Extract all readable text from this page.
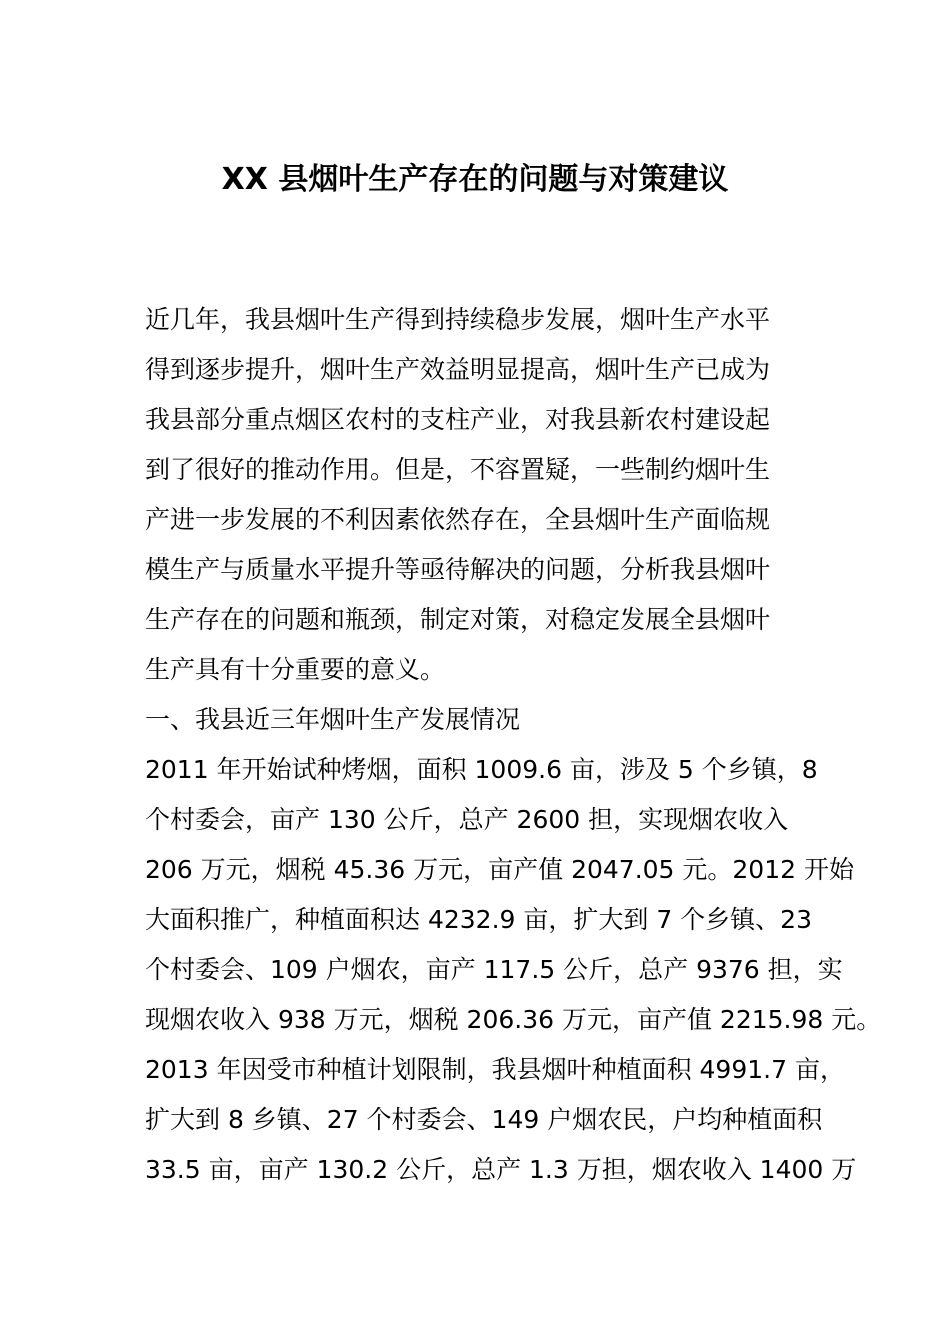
XX 县烟叶生产存在的问题与对策建议
近几年，我县烟叶生产得到持续稳步发展，烟叶生产水平
得到逐步提升，烟叶生产效益明显提高，烟叶生产已成为
我县部分重点烟区农村的支柱产业，对我县新农村建设起
到了很好的推动作用。但是，不容置疑，一些制约烟叶生
产进一步发展的不利因素依然存在，全县烟叶生产面临规
模生产与质量水平提升等亟待解决的问题，分析我县烟叶
生产存在的问题和瓶颈，制定对策，对稳定发展全县烟叶
生产具有十分重要的意义。
一、我县近三年烟叶生产发展情况
2011 年开始试种烤烟，面积 1009.6 亩，涉及 5 个乡镇，8
个村委会，亩产 130 公斤，总产 2600 担，实现烟农收入
206 万元，烟税 45.36 万元，亩产值 2047.05 元。2012 开始
大面积推广，种植面积达 4232.9 亩，扩大到 7 个乡镇、23
个村委会、109 户烟农，亩产 117.5 公斤，总产 9376 担，实
现烟农收入 938 万元，烟税 206.36 万元，亩产值 2215.98 元。
2013 年因受市种植计划限制，我县烟叶种植面积 4991.7 亩，
扩大到 8 乡镇、27 个村委会、149 户烟农民，户均种植面积
33.5 亩，亩产 130.2 公斤，总产 1.3 万担，烟农收入 1400 万
